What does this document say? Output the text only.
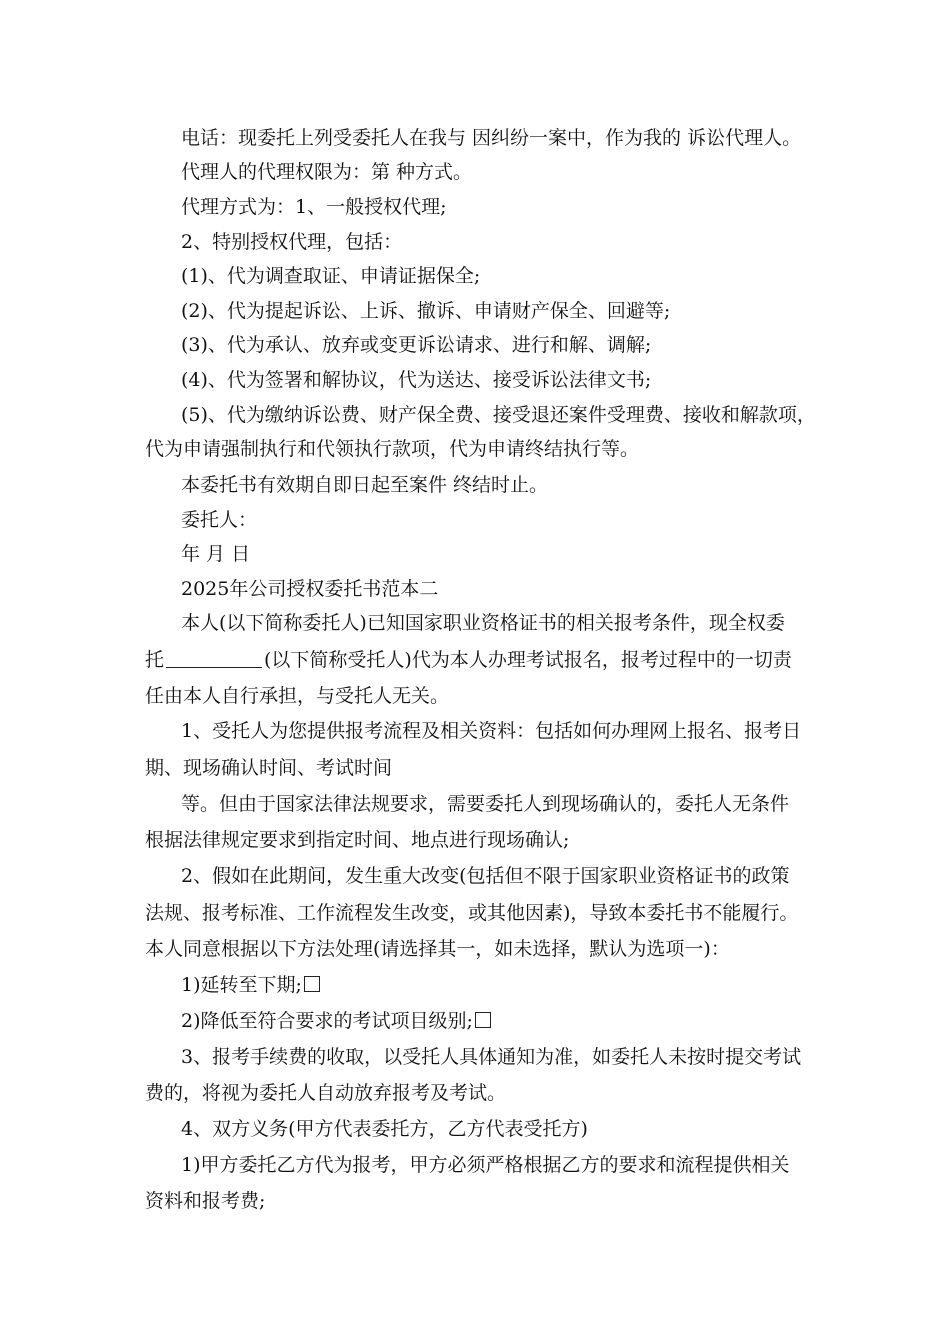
电话：现委托上列受委托人在我与 因纠纷一案中，作为我的 诉讼代理人。
代理人的代理权限为：第 种方式。
代理方式为：1、一般授权代理;
2、特别授权代理，包括：
(1)、代为调查取证、申请证据保全;
(2)、代为提起诉讼、上诉、撤诉、申请财产保全、回避等;
(3)、代为承认、放弃或变更诉讼请求、进行和解、调解;
(4)、代为签署和解协议，代为送达、接受诉讼法律文书;
(5)、代为缴纳诉讼费、财产保全费、接受退还案件受理费、接收和解款项，
代为申请强制执行和代领执行款项，代为申请终结执行等。
本委托书有效期自即日起至案件 终结时止。
委托人：
年 月 日
2025年公司授权委托书范本二
本人(以下简称委托人)已知国家职业资格证书的相关报考条件，现全权委
托	(以下简称受托人)代为本人办理考试报名，报考过程中的一切责
任由本人自行承担，与受托人无关。
1、受托人为您提供报考流程及相关资料：包括如何办理网上报名、报考日
期、现场确认时间、考试时间
等。但由于国家法律法规要求，需要委托人到现场确认的，委托人无条件
根据法律规定要求到指定时间、地点进行现场确认;
2、假如在此期间，发生重大改变(包括但不限于国家职业资格证书的政策
法规、报考标准、工作流程发生改变，或其他因素)，导致本委托书不能履行。
本人同意根据以下方法处理(请选择其一，如未选择，默认为选项一)：
1)延转至下期;
2)降低至符合要求的考试项目级别;
3、报考手续费的收取，以受托人具体通知为准，如委托人未按时提交考试
费的，将视为委托人自动放弃报考及考试。
4、双方义务(甲方代表委托方，乙方代表受托方)
1)甲方委托乙方代为报考，甲方必须严格根据乙方的要求和流程提供相关
资料和报考费;
